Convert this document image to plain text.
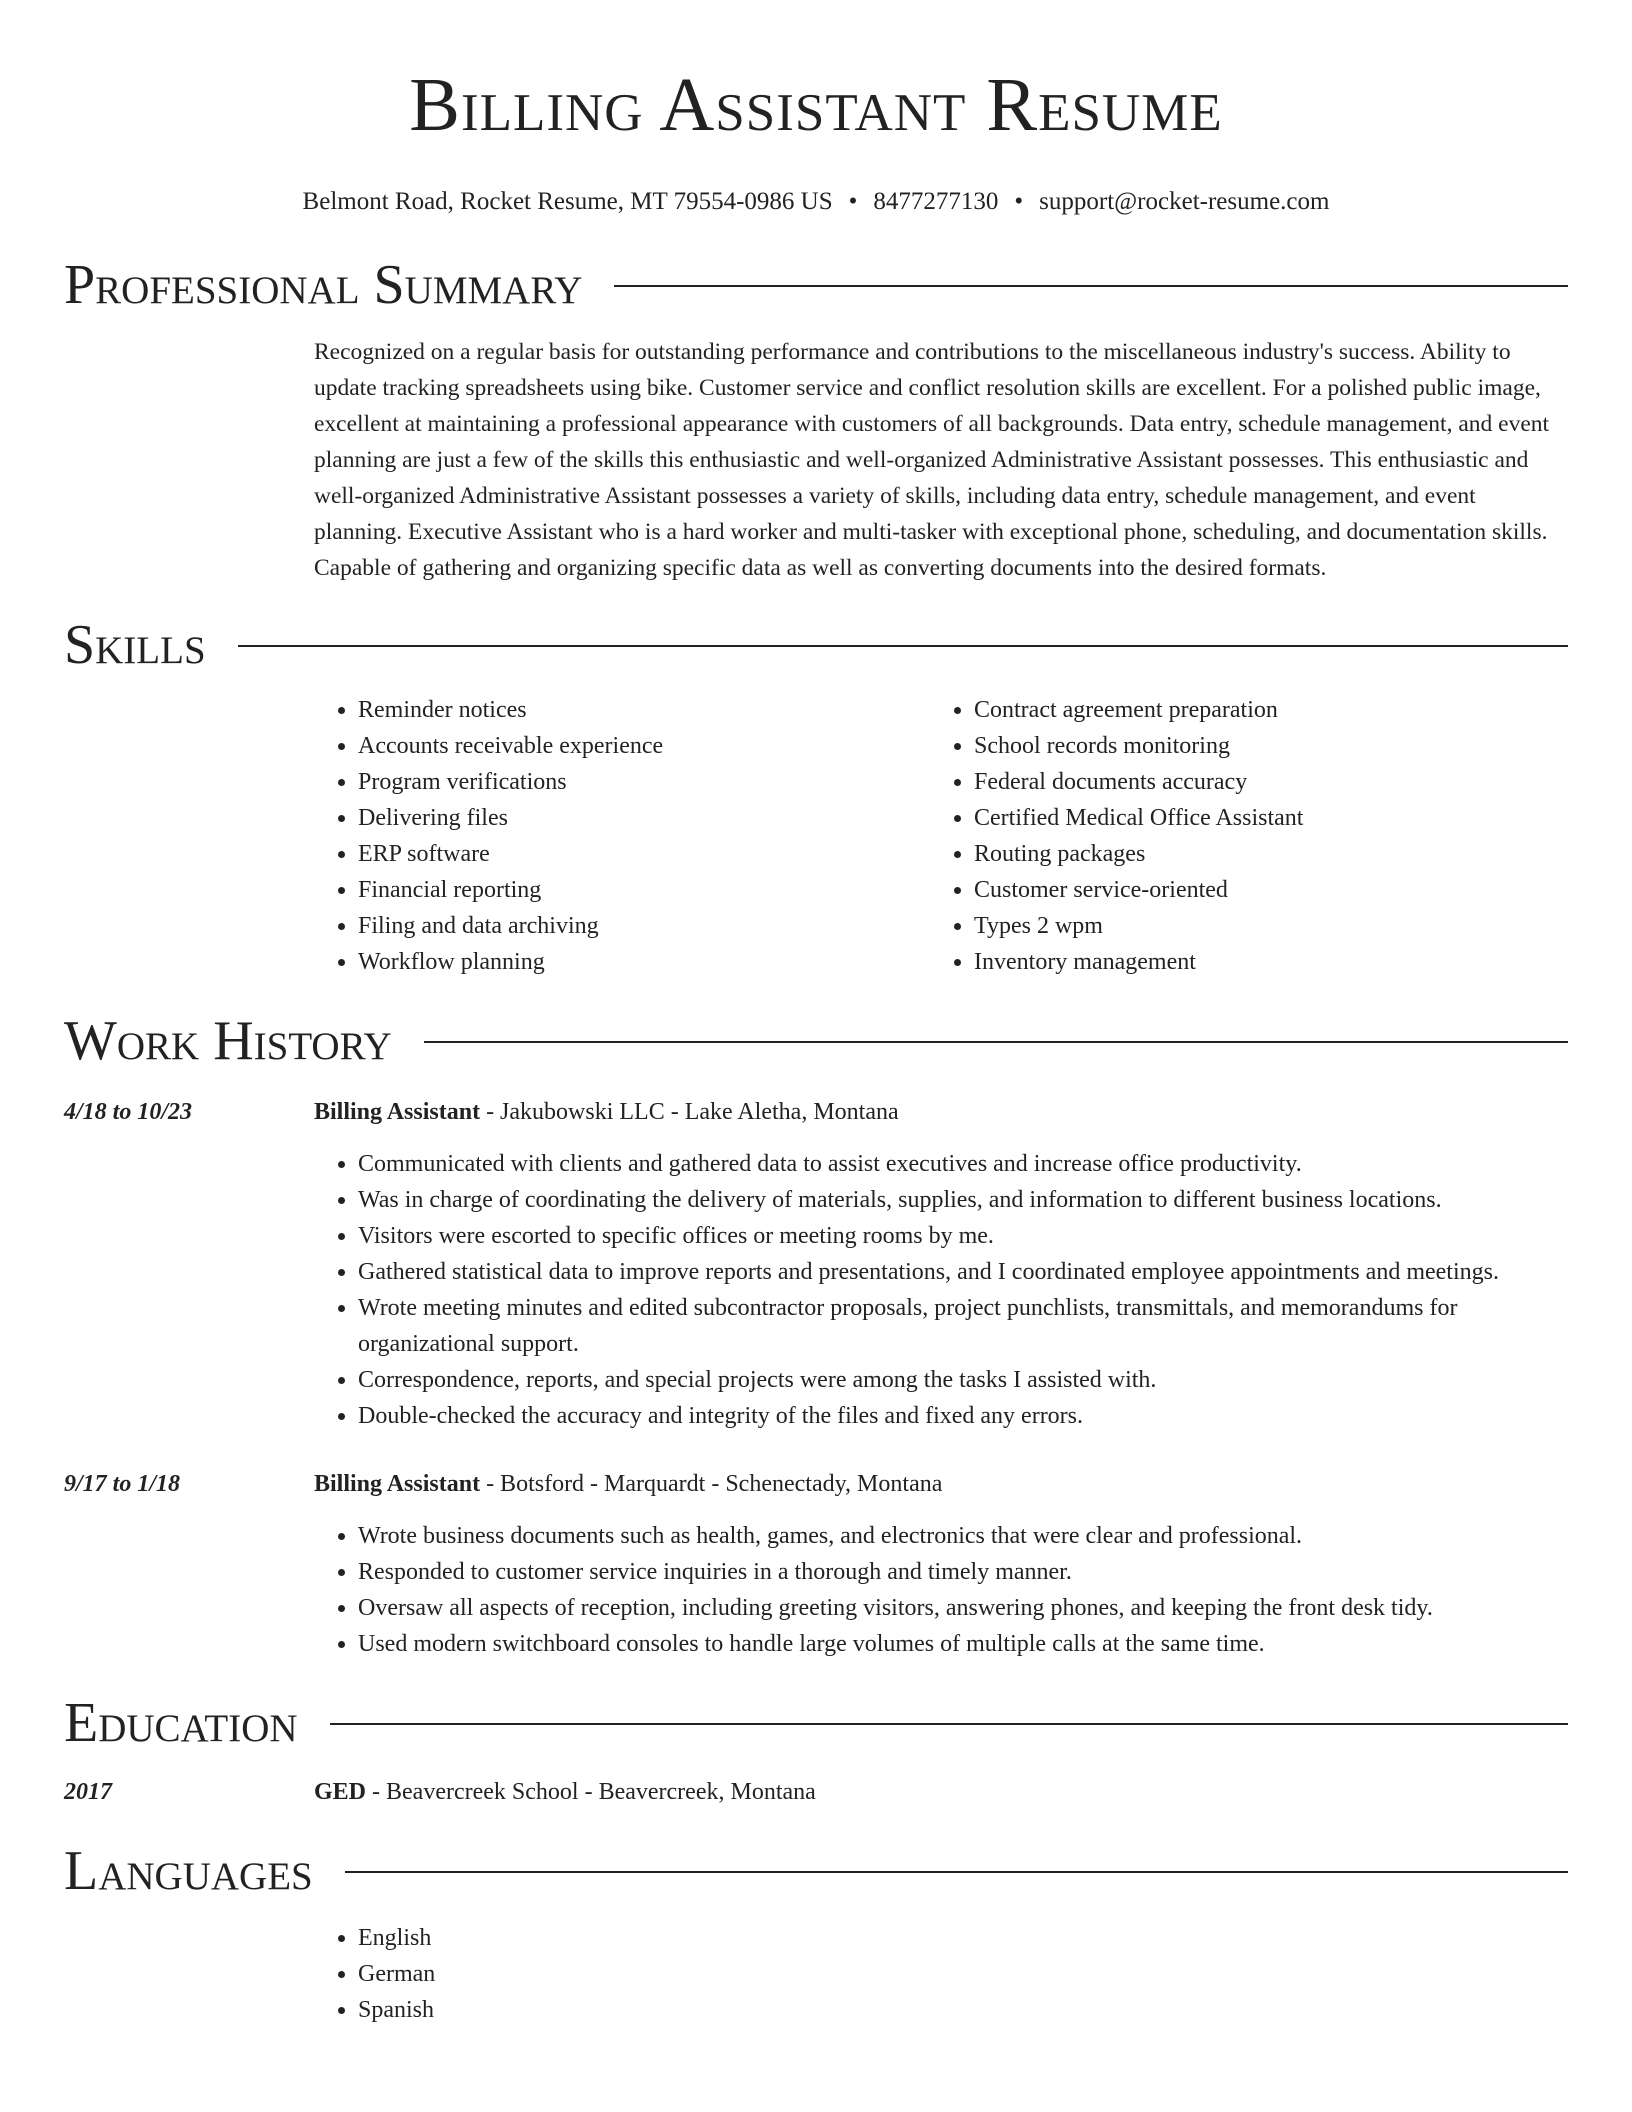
Billing Assistant Resume
Belmont Road, Rocket Resume, MT 79554-0986 US • 8477277130 • support@rocket-resume.com
Professional Summary
Recognized on a regular basis for outstanding performance and contributions to the miscellaneous industry's success. Ability to update tracking spreadsheets using bike. Customer service and conflict resolution skills are excellent. For a polished public image, excellent at maintaining a professional appearance with customers of all backgrounds. Data entry, schedule management, and event planning are just a few of the skills this enthusiastic and well-organized Administrative Assistant possesses. This enthusiastic and well-organized Administrative Assistant possesses a variety of skills, including data entry, schedule management, and event planning. Executive Assistant who is a hard worker and multi-tasker with exceptional phone, scheduling, and documentation skills. Capable of gathering and organizing specific data as well as converting documents into the desired formats.
Skills
• Reminder notices
• Accounts receivable experience
• Program verifications
• Delivering files
• ERP software
• Financial reporting
• Filing and data archiving
• Workflow planning
• Contract agreement preparation
• School records monitoring
• Federal documents accuracy
• Certified Medical Office Assistant
• Routing packages
• Customer service-oriented
• Types 2 wpm
• Inventory management
Work History
4/18 to 10/23	Billing Assistant - Jakubowski LLC - Lake Aletha, Montana
• Communicated with clients and gathered data to assist executives and increase office productivity.
• Was in charge of coordinating the delivery of materials, supplies, and information to different business locations.
• Visitors were escorted to specific offices or meeting rooms by me.
• Gathered statistical data to improve reports and presentations, and I coordinated employee appointments and meetings.
• Wrote meeting minutes and edited subcontractor proposals, project punchlists, transmittals, and memorandums for organizational support.
• Correspondence, reports, and special projects were among the tasks I assisted with.
• Double-checked the accuracy and integrity of the files and fixed any errors.
9/17 to 1/18	Billing Assistant - Botsford - Marquardt - Schenectady, Montana
• Wrote business documents such as health, games, and electronics that were clear and professional.
• Responded to customer service inquiries in a thorough and timely manner.
• Oversaw all aspects of reception, including greeting visitors, answering phones, and keeping the front desk tidy.
• Used modern switchboard consoles to handle large volumes of multiple calls at the same time.
Education
2017	GED - Beavercreek School - Beavercreek, Montana
Languages
• English
• German
• Spanish
